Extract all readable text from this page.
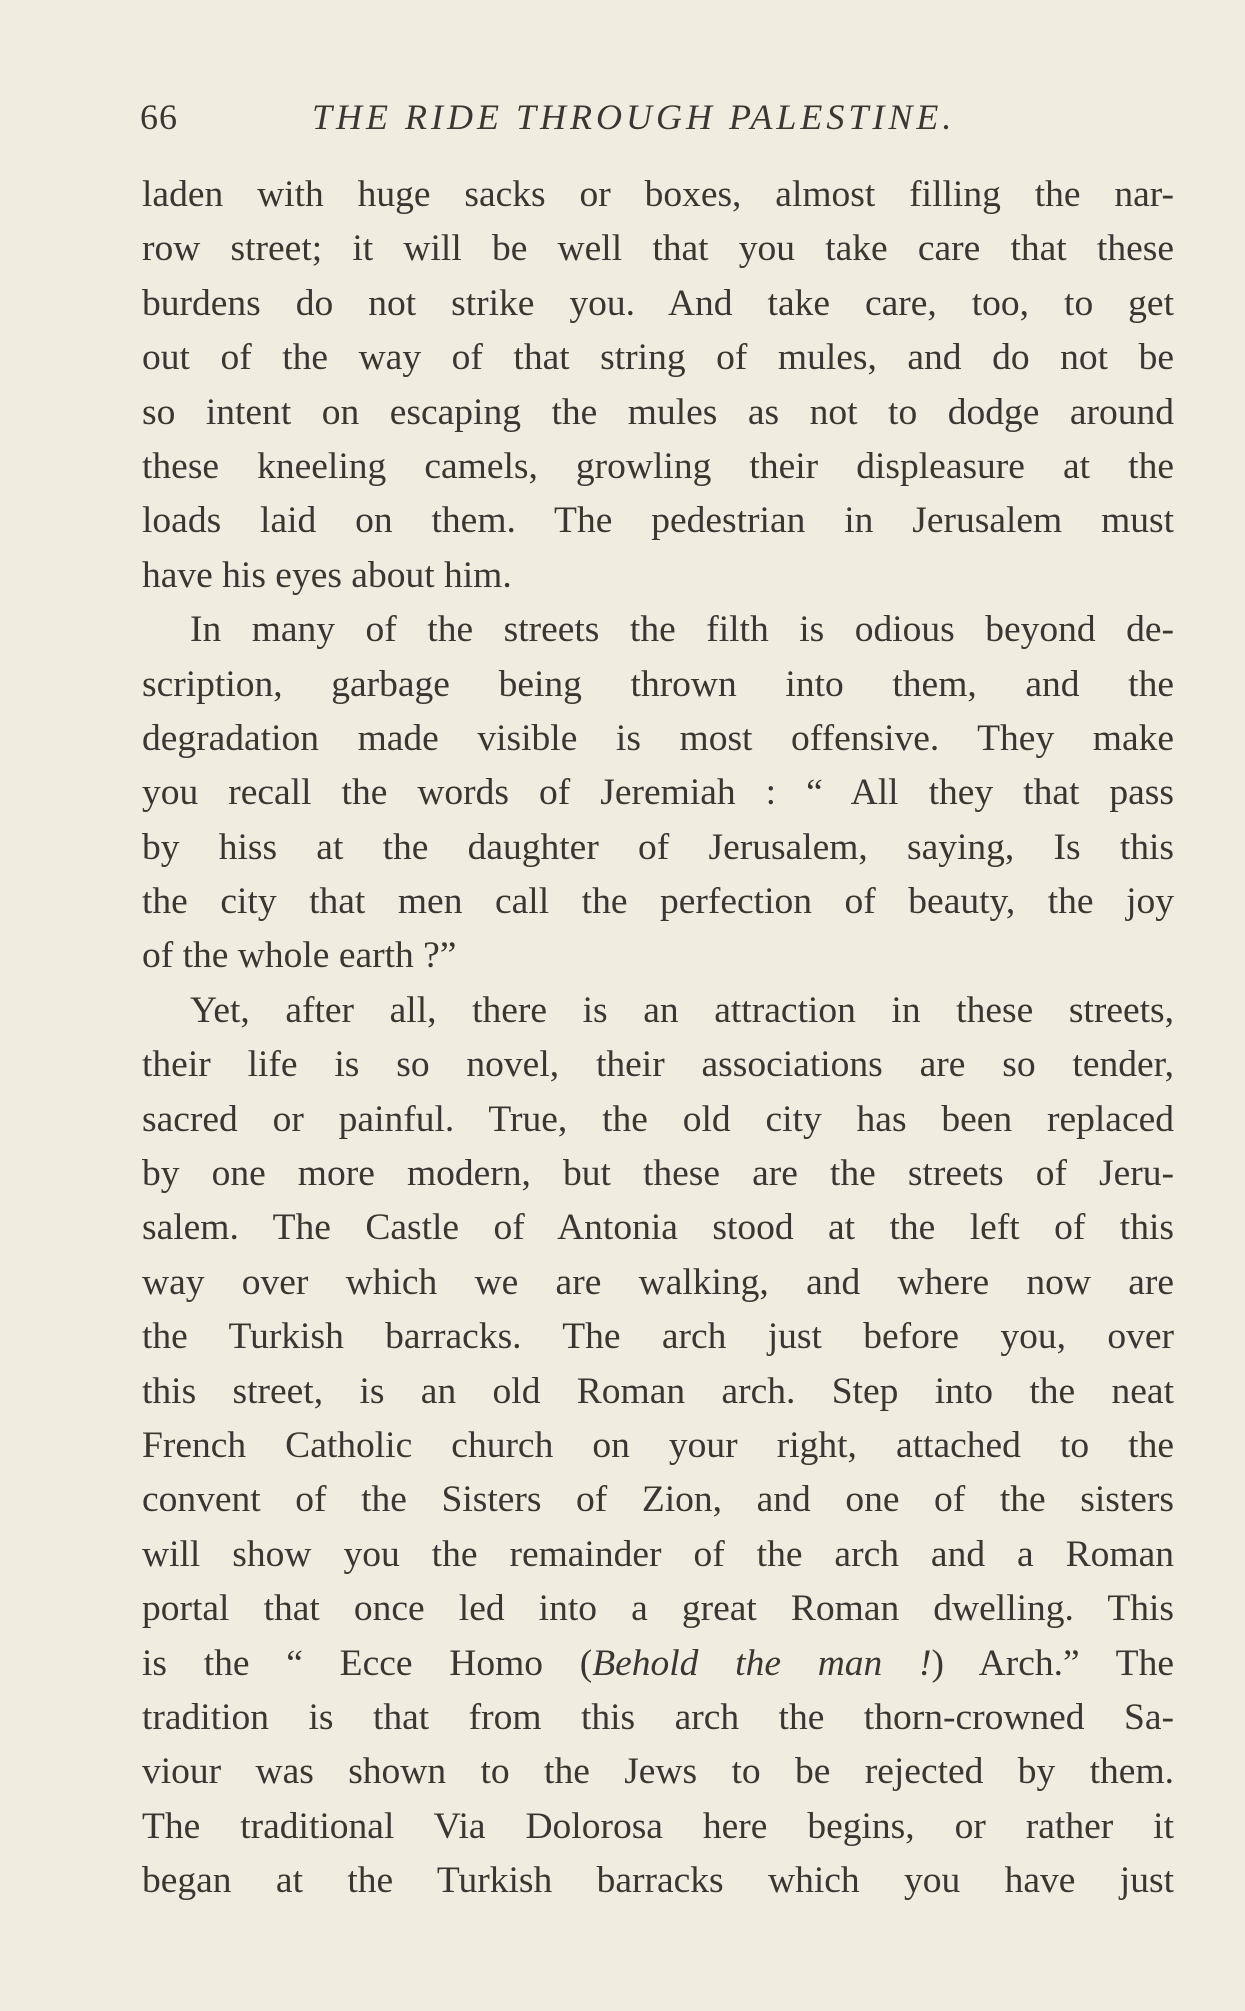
66	THE RIDE THROUGH PALESTINE.
laden with huge sacks or boxes, almost filling the nar-
row street; it will be well that you take care that these
burdens do not strike you. And take care, too, to get
out of the way of that string of mules, and do not be
so intent on escaping the mules as not to dodge around
these kneeling camels, growling their displeasure at the
loads laid on them. The pedestrian in Jerusalem must
have his eyes about him.
In many of the streets the filth is odious beyond de-
scription, garbage being thrown into them, and the
degradation made visible is most offensive. They make
you recall the words of Jeremiah : “ All they that pass
by hiss at the daughter of Jerusalem, saying, Is this
the city that men call the perfection of beauty, the joy
of the whole earth ?”
Yet, after all, there is an attraction in these streets,
their life is so novel, their associations are so tender,
sacred or painful. True, the old city has been replaced
by one more modern, but these are the streets of Jeru-
salem. The Castle of Antonia stood at the left of this
way over which we are walking, and where now are
the Turkish barracks. The arch just before you, over
this street, is an old Roman arch. Step into the neat
French Catholic church on your right, attached to the
convent of the Sisters of Zion, and one of the sisters
will show you the remainder of the arch and a Roman
portal that once led into a great Roman dwelling. This
is the “ Ecce Homo (Behold the man !) Arch.” The
tradition is that from this arch the thorn-crowned Sa-
viour was shown to the Jews to be rejected by them.
The traditional Via Dolorosa here begins, or rather it
began at the Turkish barracks which you have just
